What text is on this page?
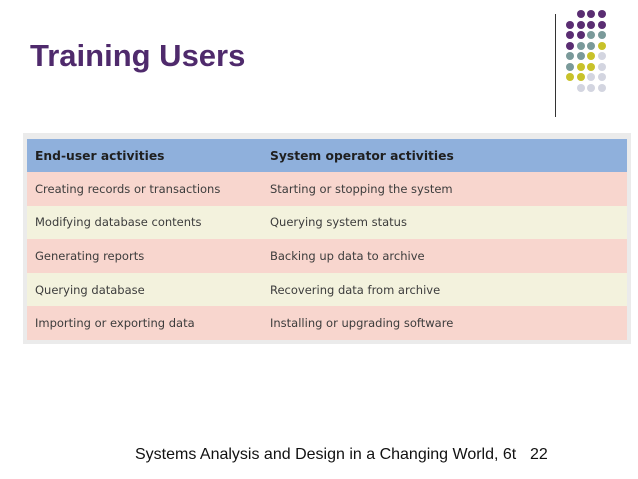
Training Users
End-user activities	System operator activities
Creating records or transactions	Starting or stopping the system
Modifying database contents	Querying system status
Generating reports	Backing up data to archive
Querying database	Recovering data from archive
Importing or exporting data	Installing or upgrading software
Systems Analysis and Design in a Changing World, 6t 22
